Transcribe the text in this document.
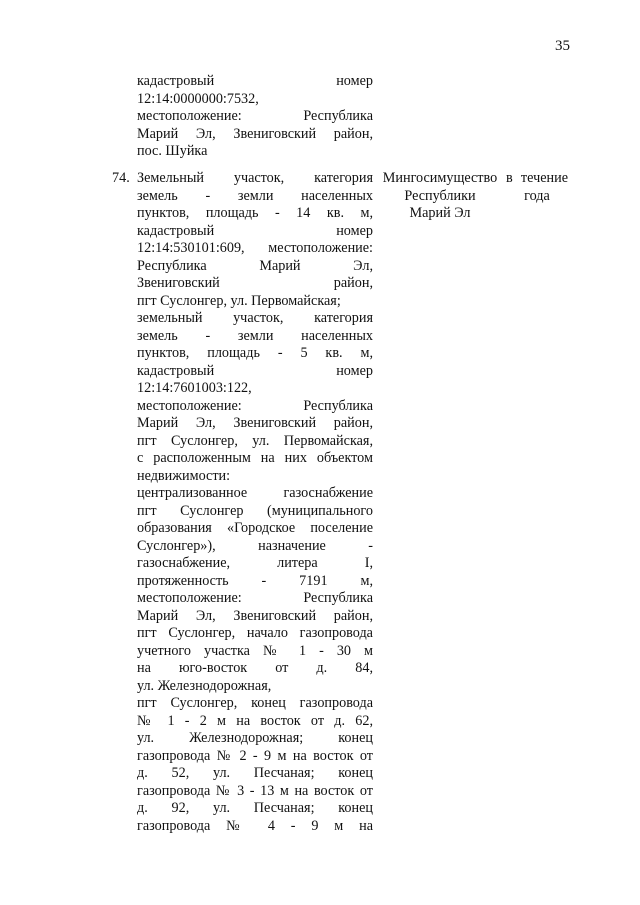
35
кадастровый номер
12:14:0000000:7532,
местоположение: Республика
Марий Эл, Звениговский район,
пос. Шуйка
74. Земельный участок, категория
земель - земли населенных
пунктов, площадь - 14 кв. м,
кадастровый номер
12:14:530101:609, местоположение:
Республика Марий Эл,
Звениговский район,
пгт Суслонгер, ул. Первомайская;
земельный участок, категория
земель - земли населенных
пунктов, площадь - 5 кв. м,
кадастровый номер
12:14:7601003:122,
местоположение: Республика
Марий Эл, Звениговский район,
пгт Суслонгер, ул. Первомайская,
с расположенным на них объектом
недвижимости:
централизованное газоснабжение
пгт Суслонгер (муниципального
образования «Городское поселение
Суслонгер»), назначение -
газоснабжение, литера I,
протяженность - 7191 м,
местоположение: Республика
Марий Эл, Звениговский район,
пгт Суслонгер, начало газопровода
учетного участка № 1 - 30 м
на юго-восток от д. 84,
ул. Железнодорожная,
пгт Суслонгер, конец газопровода
№ 1 - 2 м на восток от д. 62,
ул. Железнодорожная; конец
газопровода № 2 - 9 м на восток от
д. 52, ул. Песчаная; конец
газопровода № 3 - 13 м на восток от
д. 92, ул. Песчаная; конец
газопровода № 4 - 9 м на
Мингосимущество
Республики
Марий Эл
в течение
года
